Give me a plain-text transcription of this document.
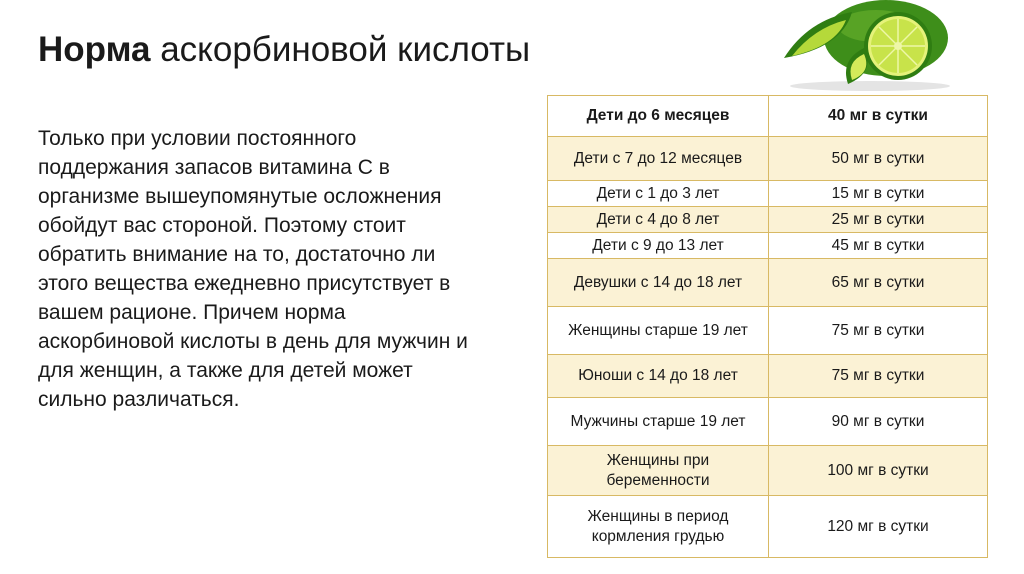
Норма аскорбиновой кислоты

Только при условии постоянного поддержания запасов витамина С в организме вышеупомянутые осложнения обойдут вас стороной. Поэтому стоит обратить внимание на то, достаточно ли этого вещества ежедневно присутствует в вашем рационе. Причем норма аскорбиновой кислоты в день для мужчин и для женщин, а также для детей может сильно различаться.

Дети до 6 месяцев	40 мг в сутки
Дети с 7 до 12 месяцев	50 мг в сутки
Дети с 1 до 3 лет	15 мг в сутки
Дети с 4 до 8 лет	25 мг в сутки
Дети с 9 до 13 лет	45 мг в сутки
Девушки с 14 до 18 лет	65 мг в сутки
Женщины старше 19 лет	75 мг в сутки
Юноши с 14 до 18 лет	75 мг в сутки
Мужчины старше 19 лет	90 мг в сутки
Женщины при беременности	100 мг в сутки
Женщины в период кормления грудью	120 мг в сутки
